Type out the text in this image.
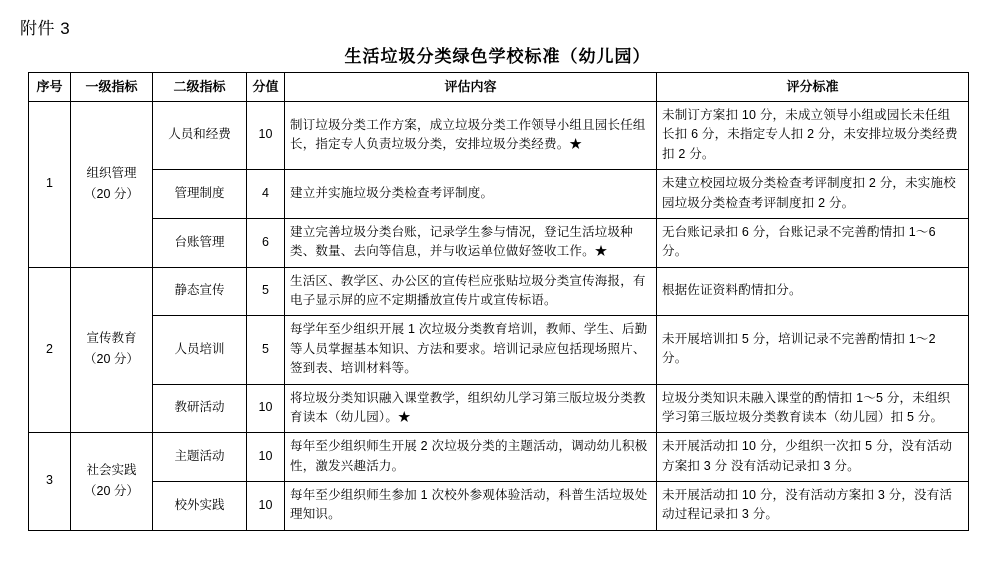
附件 3
生活垃圾分类绿色学校标准（幼儿园）
序号	一级指标	二级指标	分值	评估内容	评分标准
1	组织管理（20 分）	人员和经费	10	制订垃圾分类工作方案，成立垃圾分类工作领导小组且园长任组长，指定专人负责垃圾分类，安排垃圾分类经费。★	未制订方案扣 10 分，未成立领导小组或园长未任组长扣 6 分，未指定专人扣 2 分，未安排垃圾分类经费扣 2 分。
		管理制度	4	建立并实施垃圾分类检查考评制度。	未建立校园垃圾分类检查考评制度扣 2 分，未实施校园垃圾分类检查考评制度扣 2 分。
		台账管理	6	建立完善垃圾分类台账，记录学生参与情况，登记生活垃圾种类、数量、去向等信息，并与收运单位做好签收工作。★	无台账记录扣 6 分，台账记录不完善酌情扣 1～6 分。
2	宣传教育（20 分）	静态宣传	5	生活区、教学区、办公区的宣传栏应张贴垃圾分类宣传海报，有电子显示屏的应不定期播放宣传片或宣传标语。	根据佐证资料酌情扣分。
		人员培训	5	每学年至少组织开展 1 次垃圾分类教育培训，教师、学生、后勤等人员掌握基本知识、方法和要求。培训记录应包括现场照片、签到表、培训材料等。	未开展培训扣 5 分，培训记录不完善酌情扣 1～2 分。
		教研活动	10	将垃圾分类知识融入课堂教学，组织幼儿学习第三版垃圾分类教育读本（幼儿园）。★	垃圾分类知识未融入课堂的酌情扣 1～5 分，未组织学习第三版垃圾分类教育读本（幼儿园）扣 5 分。
3	社会实践（20 分）	主题活动	10	每年至少组织师生开展 2 次垃圾分类的主题活动，调动幼儿积极性，激发兴趣活力。	未开展活动扣 10 分，少组织一次扣 5 分，没有活动方案扣 3 分 没有活动记录扣 3 分。
		校外实践	10	每年至少组织师生参加 1 次校外参观体验活动，科普生活垃圾处理知识。	未开展活动扣 10 分，没有活动方案扣 3 分，没有活动过程记录扣 3 分。
